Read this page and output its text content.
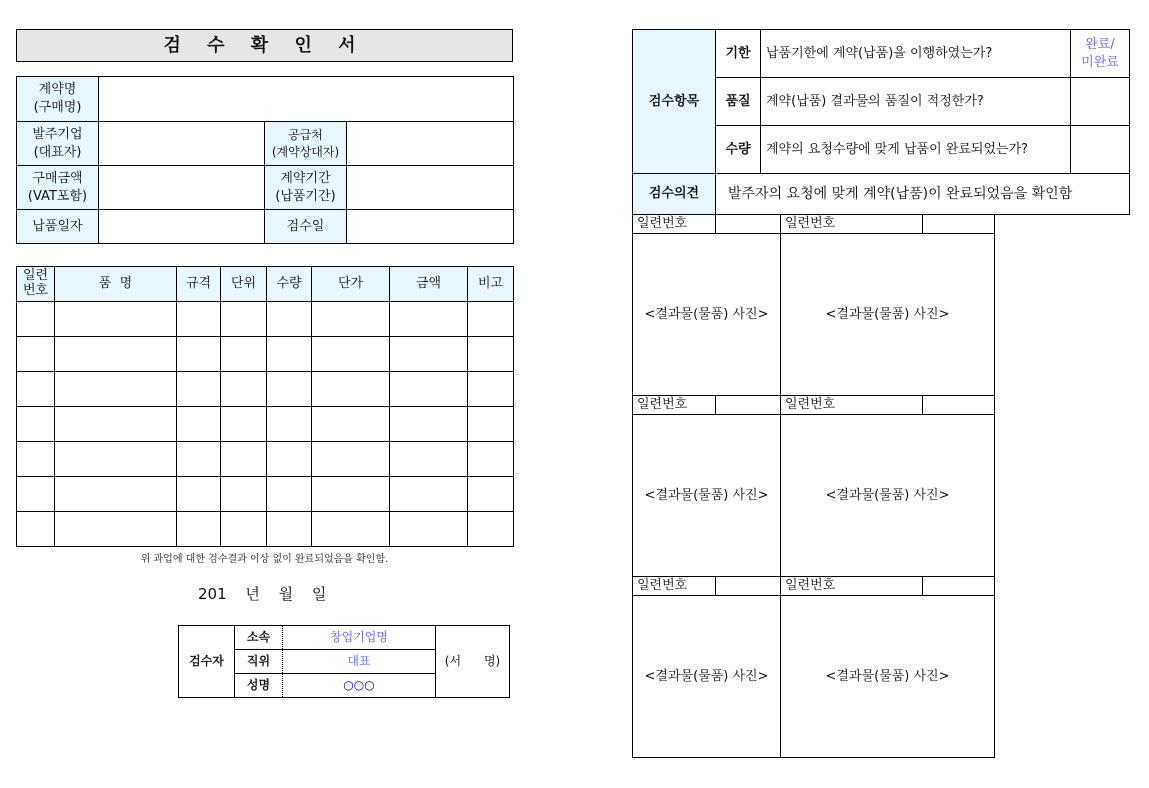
검 수 확 인 서
계약명
(구매명)			
발주기업
(대표자)		공급처
(계약상대자)	
구매금액
(VAT포함)		계약기간
(납품기간)	
납품일자		검수일	
일련
번호	품  명	규격	단위	수량	단가	금액	비고

위 과업에 대한 검수결과 이상 없이 완료되었음을 확인함.
201 년 월 일
검수자	소속	창업기업명	(서      명)
	직위	대표	
	성명	○○○	
검수항목	기한	납품기한에 계약(납품)을 이행하였는가?	완료/
미완료
	품질	계약(납품) 결과물의 품질이 적정한가?	
	수량	계약의 요청수량에 맞게 납품이 완료되었는가?	
검수의견	발주자의 요청에 맞게 계약(납품)이 완료되었음을 확인함		
일련번호		일련번호	
<결과물(물품) 사진>		<결과물(물품) 사진>	
일련번호		일련번호	
<결과물(물품) 사진>		<결과물(물품) 사진>	
일련번호		일련번호	
<결과물(물품) 사진>		<결과물(물품) 사진>	
